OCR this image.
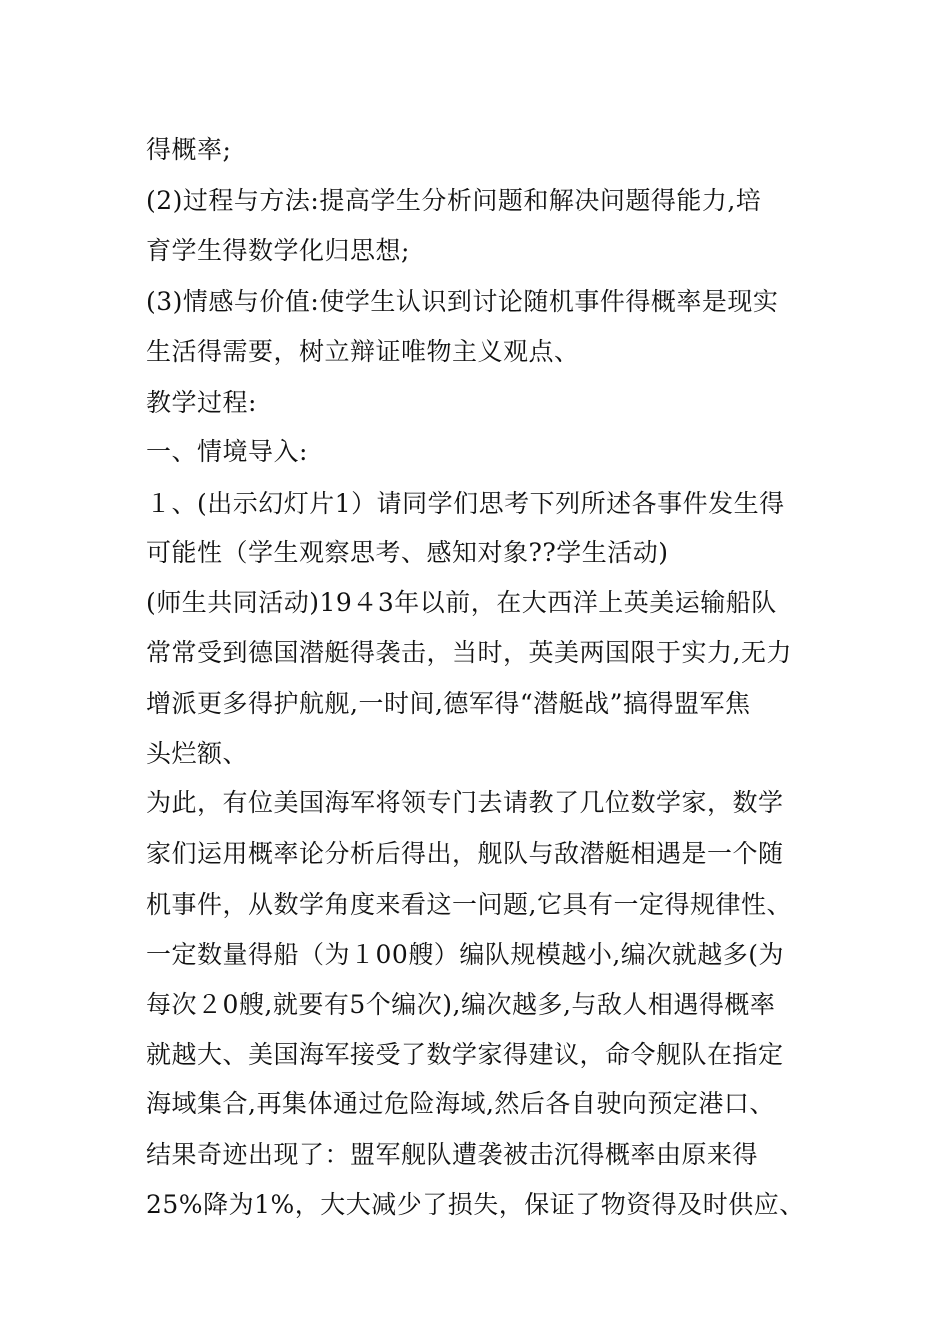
得概率;
(2)过程与方法:提高学生分析问题和解决问题得能力,培
育学生得数学化归思想;
(3)情感与价值:使学生认识到讨论随机事件得概率是现实
生活得需要，树立辩证唯物主义观点、
教学过程:
一、情境导入:
１、(出示幻灯片1）请同学们思考下列所述各事件发生得
可能性（学生观察思考、感知对象??学生活动)
(师生共同活动)19４3年以前，在大西洋上英美运输船队
常常受到德国潜艇得袭击，当时，英美两国限于实力,无力
增派更多得护航舰,一时间,德军得“潜艇战”搞得盟军焦
头烂额、
为此，有位美国海军将领专门去请教了几位数学家，数学
家们运用概率论分析后得出，舰队与敌潜艇相遇是一个随
机事件，从数学角度来看这一问题,它具有一定得规律性、
一定数量得船（为１00艘）编队规模越小,编次就越多(为
每次２0艘,就要有5个编次),编次越多,与敌人相遇得概率
就越大、美国海军接受了数学家得建议，命令舰队在指定
海域集合,再集体通过危险海域,然后各自驶向预定港口、
结果奇迹出现了：盟军舰队遭袭被击沉得概率由原来得
25%降为1%，大大减少了损失，保证了物资得及时供应、
